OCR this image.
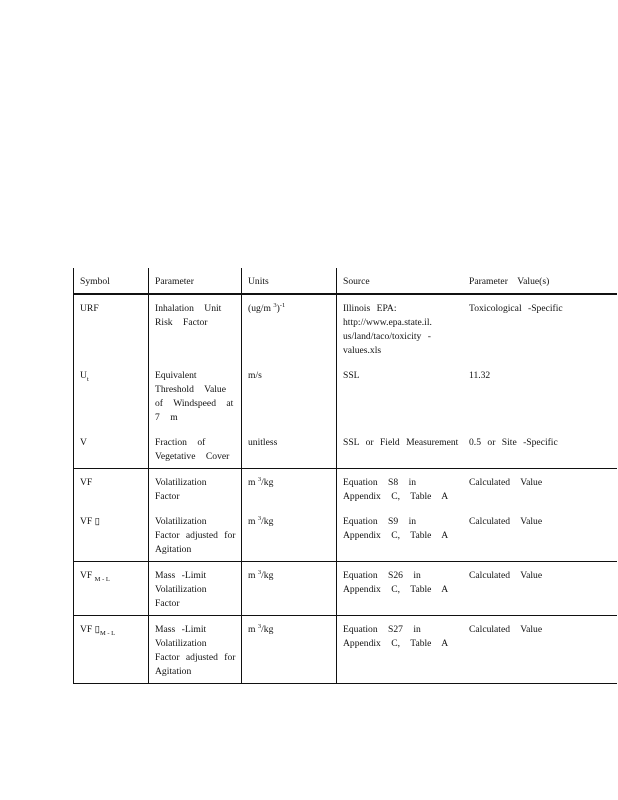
Symbol	Parameter	Units	Source	Parameter    Value(s)
URF	Inhalation Unit Risk Factor	(ug/m $^3$)$^{-1}$	Illinois EPA: http://www.epa.state.il. us/land/taco/toxicity -values.xls	Toxicological -Specific
$U_t$	Equivalent Threshold Value of Windspeed at 7 m	m/s	SSL	11.32
V	Fraction of Vegetative Cover	unitless	SSL or Field Measurement	0.5 or Site -Specific
VF	Volatilization Factor	m $^3$/kg	Equation S8 in Appendix C, Table A	Calculated Value
VF ▯	Volatilization Factor adjusted for Agitation	m $^3$/kg	Equation S9 in Appendix C, Table A	Calculated Value
VF $_{M - L}$	Mass -Limit Volatilization Factor	m $^3$/kg	Equation S26 in Appendix C, Table A	Calculated Value
VF $▯_{M - L}$	Mass -Limit Volatilization Factor adjusted for Agitation	m $^3$/kg	Equation S27 in Appendix C, Table A	Calculated Value
